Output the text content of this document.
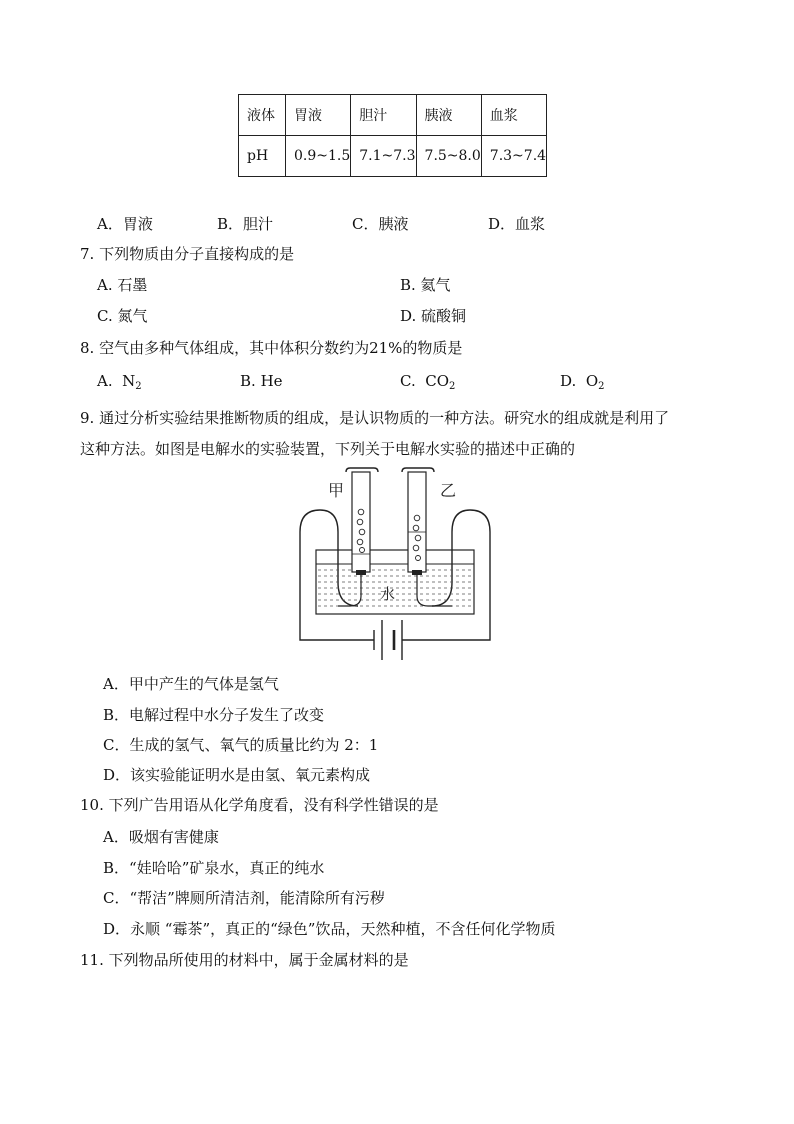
液体	胃液	胆汁	胰液	血浆
pH	0.9~1.5	7.1~7.3	7.5~8.0	7.3~7.4
A．胃液	B．胆汁	C．胰液	D．血浆
7. 下列物质由分子直接构成的是
A. 石墨	B. 氦气
C. 氮气	D. 硫酸铜
8. 空气由多种气体组成，其中体积分数约为21%的物质是
A. $N_2$	B. He	C. $CO_2$	D. $O_2$
9. 通过分析实验结果推断物质的组成，是认识物质的一种方法。研究水的组成就是利用了
这种方法。如图是电解水的实验装置，下列关于电解水实验的描述中正确的
甲	乙
水
A．甲中产生的气体是氢气
B．电解过程中水分子发生了改变
C．生成的氢气、氧气的质量比约为 2：1
D．该实验能证明水是由氢、氧元素构成
10. 下列广告用语从化学角度看，没有科学性错误的是
A．吸烟有害健康
B．“娃哈哈”矿泉水，真正的纯水
C．“帮洁”牌厕所清洁剂，能清除所有污秽
D．永顺 “霉茶”，真正的“绿色”饮品，天然种植，不含任何化学物质
11. 下列物品所使用的材料中，属于金属材料的是
